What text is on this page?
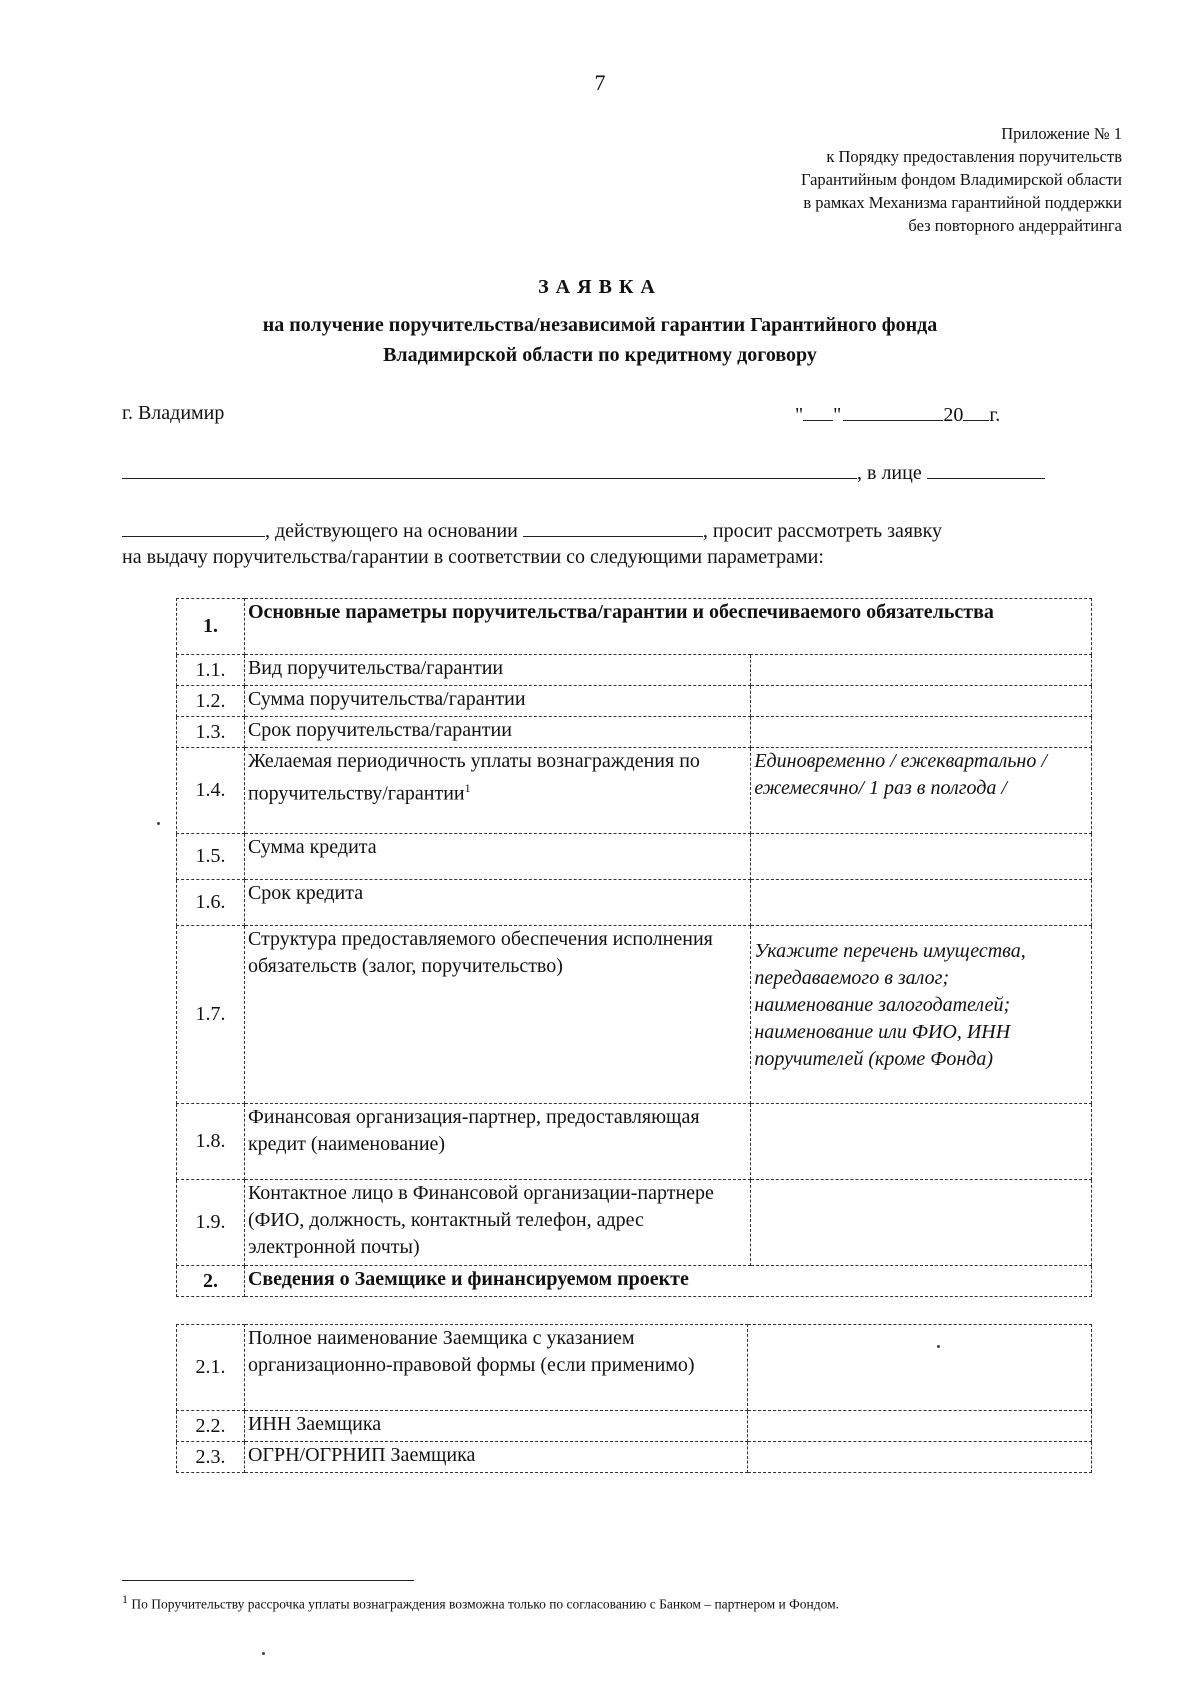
7
Приложение № 1
к Порядку предоставления поручительств
Гарантийным фондом Владимирской области
в рамках Механизма гарантийной поддержки
без повторного андеррайтинга
ЗАЯВКА
на получение поручительства/независимой гарантии Гарантийного фонда
Владимирской области по кредитному договору
г. Владимир	" "	20 г.
, в лице
, действующего на основании	, просит рассмотреть заявку
на выдачу поручительства/гарантии в соответствии со следующими параметрами:
1.	Основные параметры поручительства/гарантии и обеспечиваемого обязательства	
1.1.	Вид поручительства/гарантии	
1.2.	Сумма поручительства/гарантии	
1.3.	Срок поручительства/гарантии	
1.4.	Желаемая периодичность уплаты вознаграждения по поручительству/гарантии$^1$	Единовременно / ежеквартально / ежемесячно/ 1 раз в полгода /
1.5.	Сумма кредита	
1.6.	Срок кредита	
1.7.	Структура предоставляемого обеспечения исполнения обязательств (залог, поручительство)	Укажите перечень имущества,
передаваемого в залог;
наименование залогодателей;
наименование или ФИО, ИНН
поручителей (кроме Фонда)

1.8.	Финансовая организация-партнер, предоставляющая кредит (наименование)	
1.9.	Контактное лицо в Финансовой организации-партнере (ФИО, должность, контактный телефон, адрес электронной почты)	
2.	Сведения о Заемщике и финансируемом проекте	
2.1.	Полное наименование Заемщика с указанием организационно-правовой формы (если применимо)	
2.2.	ИНН Заемщика	
2.3.	ОГРН/ОГРНИП Заемщика	
$^1$ По Поручительству рассрочка уплаты вознаграждения возможна только по согласованию с Банком – партнером и Фондом.
